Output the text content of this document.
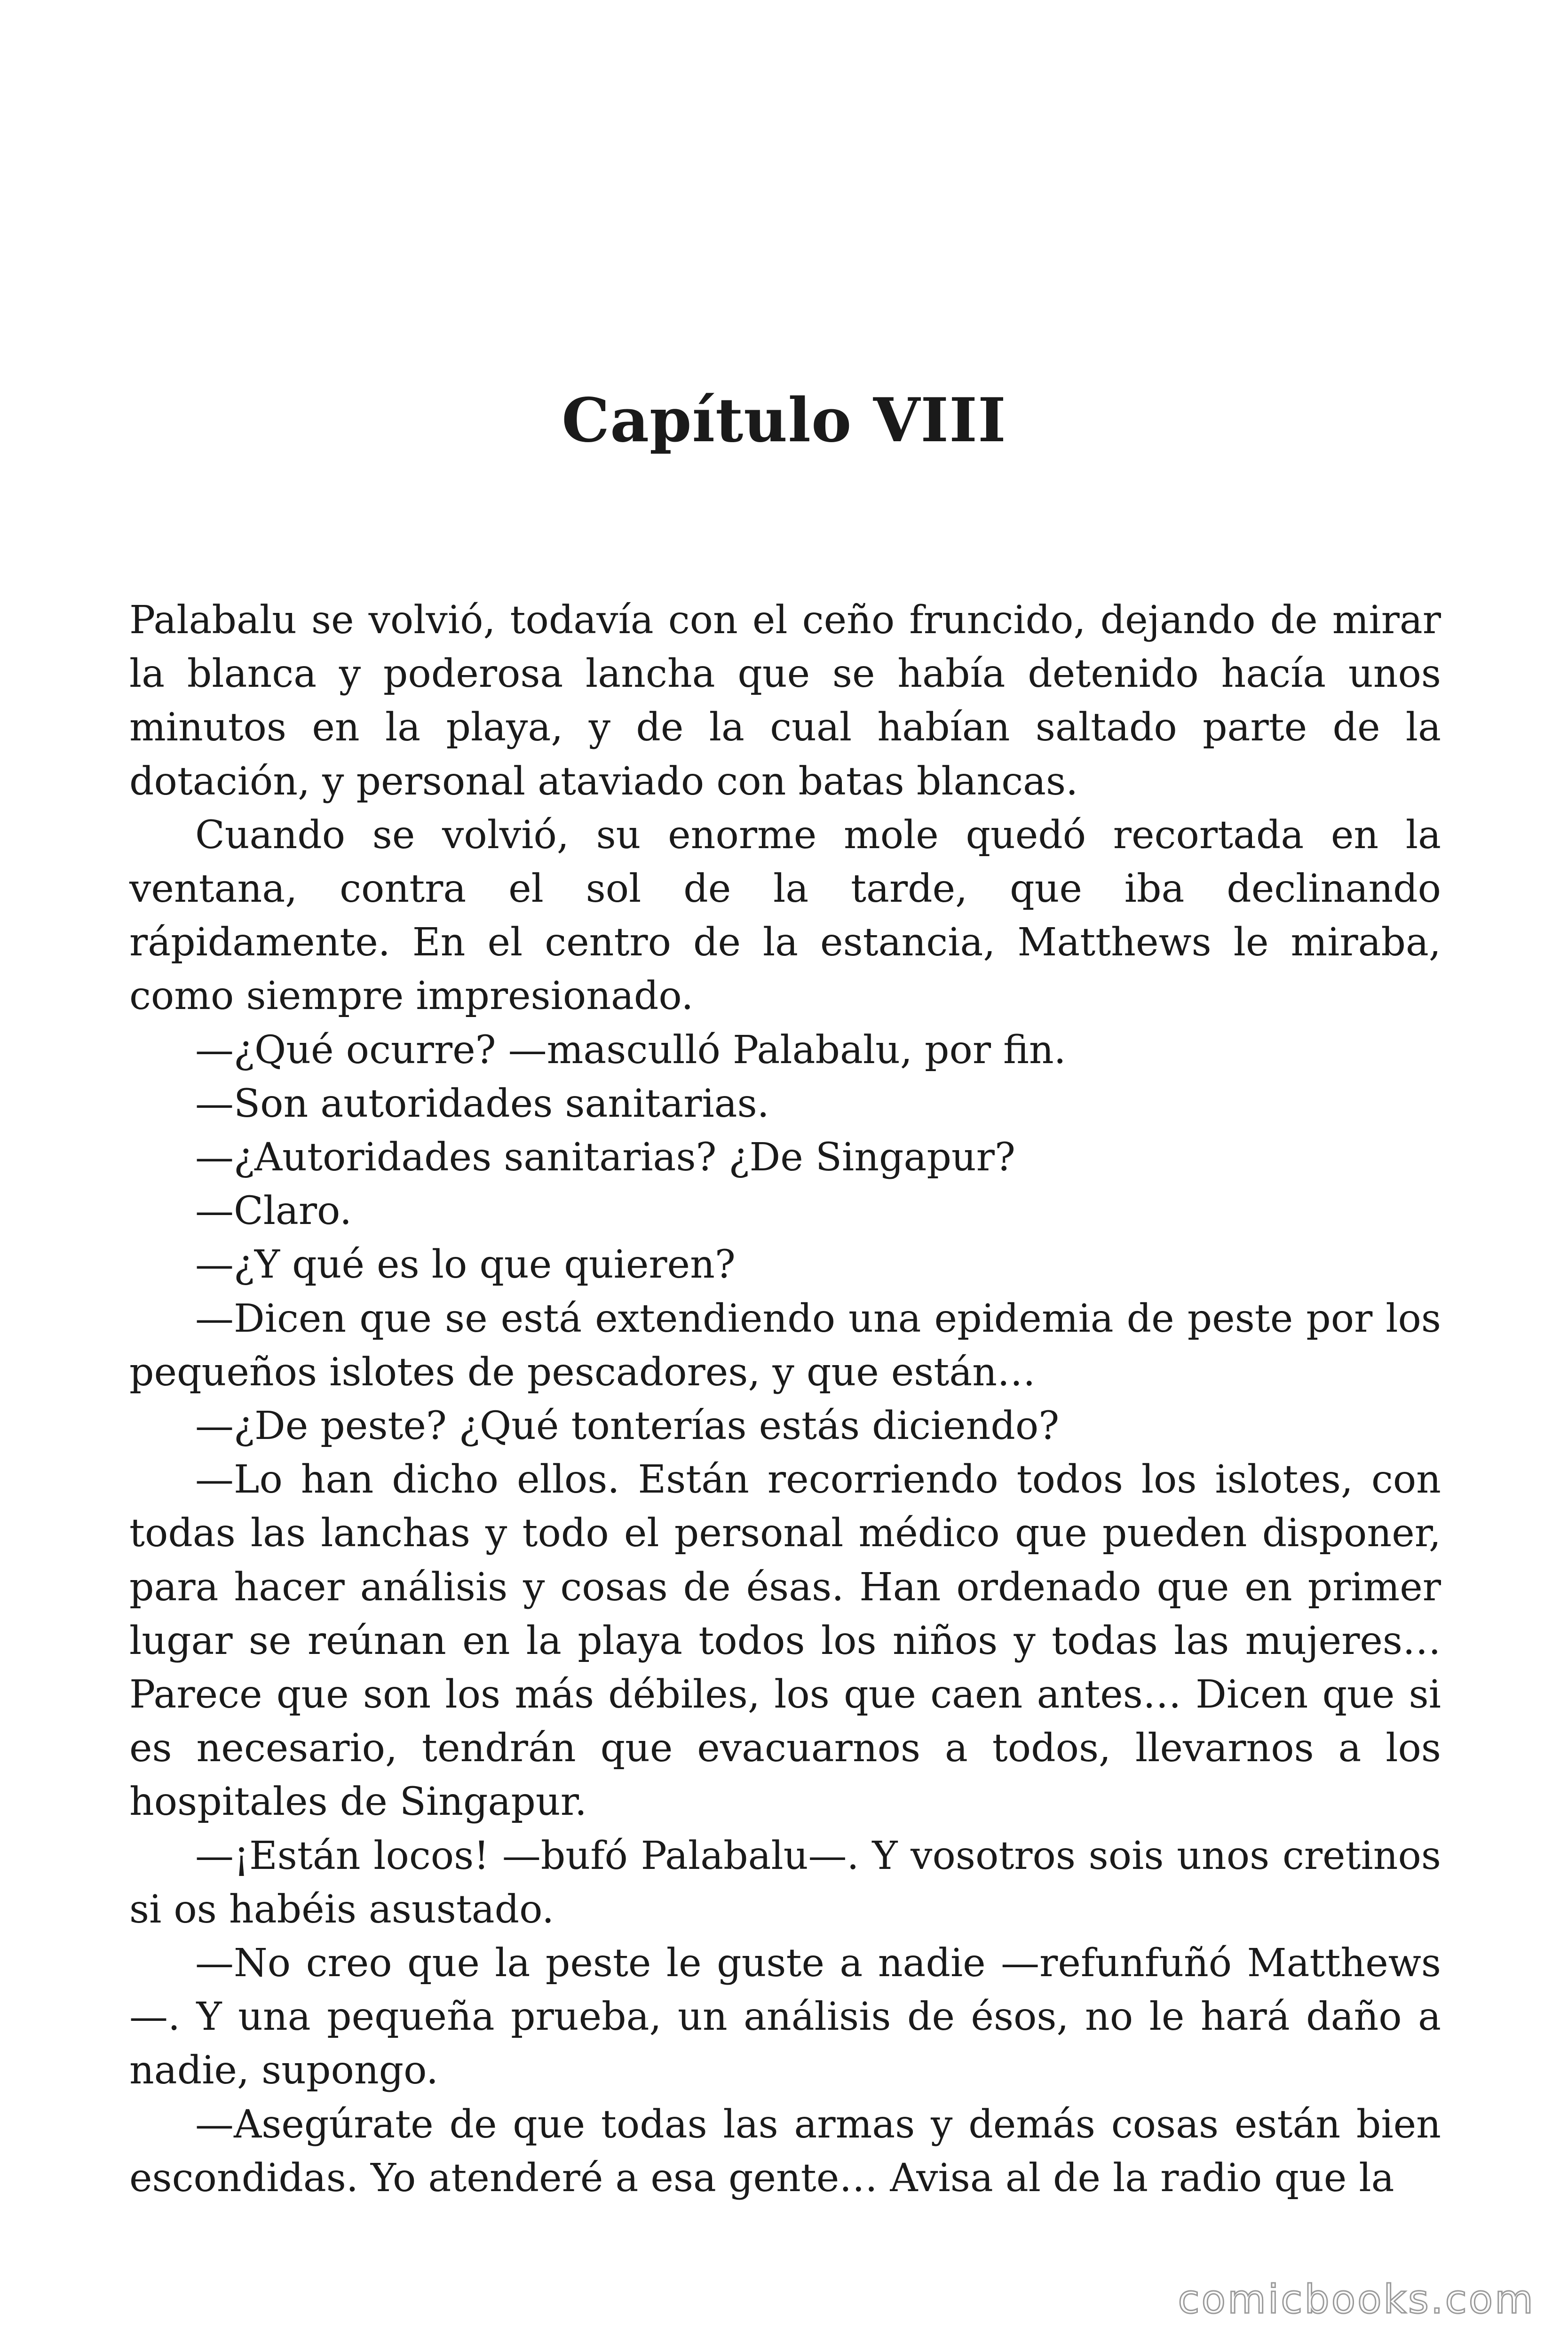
Capítulo VIII

Palabalu se volvió, todavía con el ceño fruncido, dejando de mirar la blanca y poderosa lancha que se había detenido hacía unos minutos en la playa, y de la cual habían saltado parte de la dotación, y personal ataviado con batas blancas.

Cuando se volvió, su enorme mole quedó recortada en la ventana, contra el sol de la tarde, que iba declinando rápidamente. En el centro de la estancia, Matthews le miraba, como siempre impresionado.

—¿Qué ocurre? —masculló Palabalu, por fin.

—Son autoridades sanitarias.

—¿Autoridades sanitarias? ¿De Singapur?

—Claro.

—¿Y qué es lo que quieren?

—Dicen que se está extendiendo una epidemia de peste por los pequeños islotes de pescadores, y que están…

—¿De peste? ¿Qué tonterías estás diciendo?

—Lo han dicho ellos. Están recorriendo todos los islotes, con todas las lanchas y todo el personal médico que pueden disponer, para hacer análisis y cosas de ésas. Han ordenado que en primer lugar se reúnan en la playa todos los niños y todas las mujeres… Parece que son los más débiles, los que caen antes… Dicen que si es necesario, tendrán que evacuarnos a todos, llevarnos a los hospitales de Singapur.

—¡Están locos! —bufó Palabalu—. Y vosotros sois unos cretinos si os habéis asustado.

—No creo que la peste le guste a nadie —refunfuñó Matthews—. Y una pequeña prueba, un análisis de ésos, no le hará daño a nadie, supongo.

—Asegúrate de que todas las armas y demás cosas están bien escondidas. Yo atenderé a esa gente… Avisa al de la radio que la

comicbooks.com
